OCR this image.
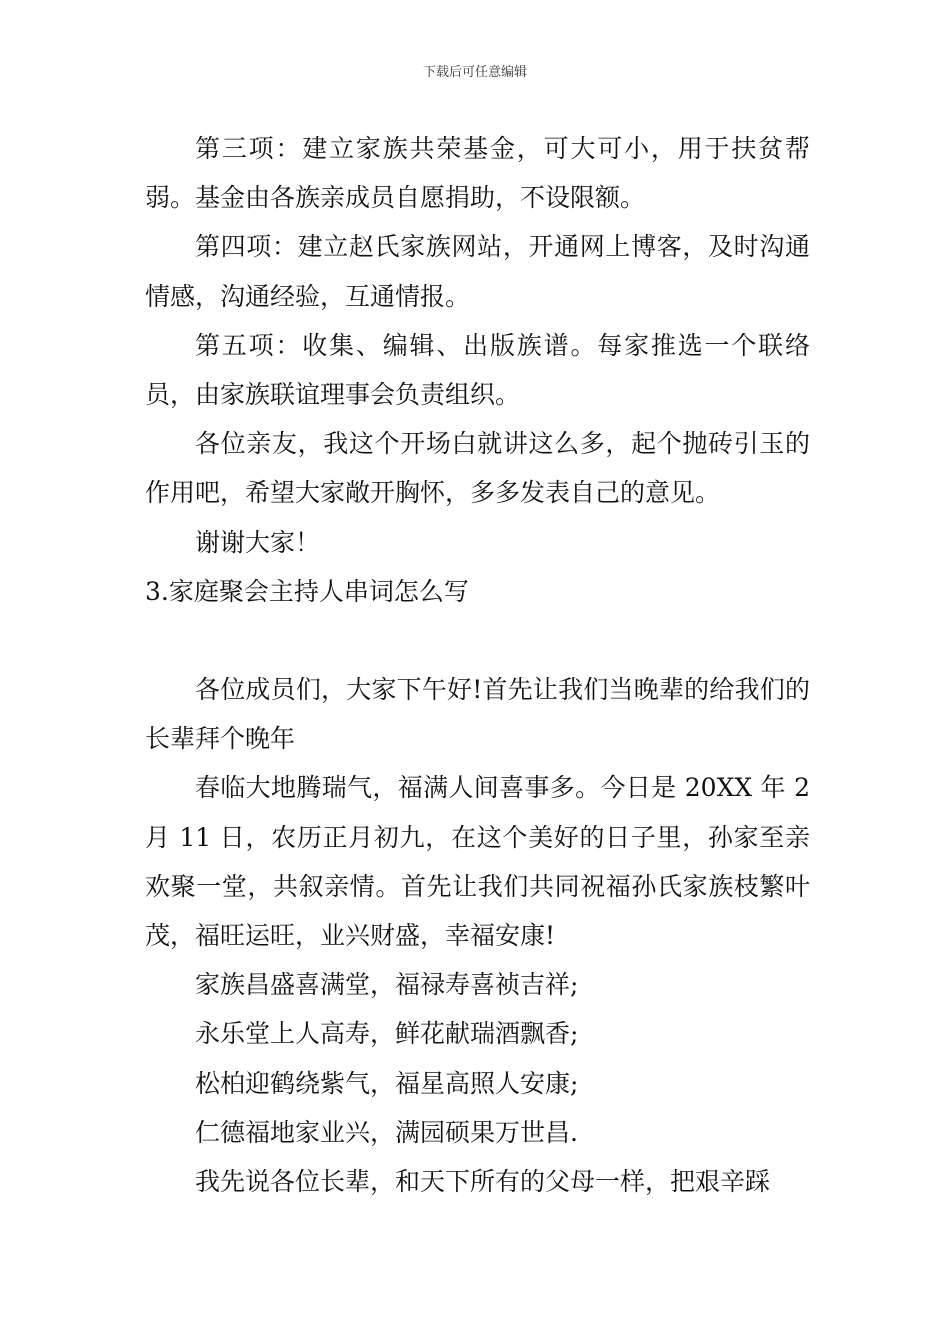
下载后可任意编辑

第三项：建立家族共荣基金，可大可小，用于扶贫帮弱。基金由各族亲成员自愿捐助，不设限额。

第四项：建立赵氏家族网站，开通网上博客，及时沟通情感，沟通经验，互通情报。

第五项：收集、编辑、出版族谱。每家推选一个联络员，由家族联谊理事会负责组织。

各位亲友，我这个开场白就讲这么多，起个抛砖引玉的作用吧，希望大家敞开胸怀，多多发表自己的意见。

谢谢大家！

3.家庭聚会主持人串词怎么写

各位成员们，大家下午好!首先让我们当晚辈的给我们的长辈拜个晚年

春临大地腾瑞气，福满人间喜事多。今日是 20XX 年 2 月 11 日，农历正月初九，在这个美好的日子里，孙家至亲欢聚一堂，共叙亲情。首先让我们共同祝福孙氏家族枝繁叶茂，福旺运旺，业兴财盛，幸福安康!

家族昌盛喜满堂，福禄寿喜祯吉祥;

永乐堂上人高寿，鲜花献瑞酒飘香;

松柏迎鹤绕紫气，福星高照人安康;

仁德福地家业兴，满园硕果万世昌.

我先说各位长辈，和天下所有的父母一样，把艰辛踩
